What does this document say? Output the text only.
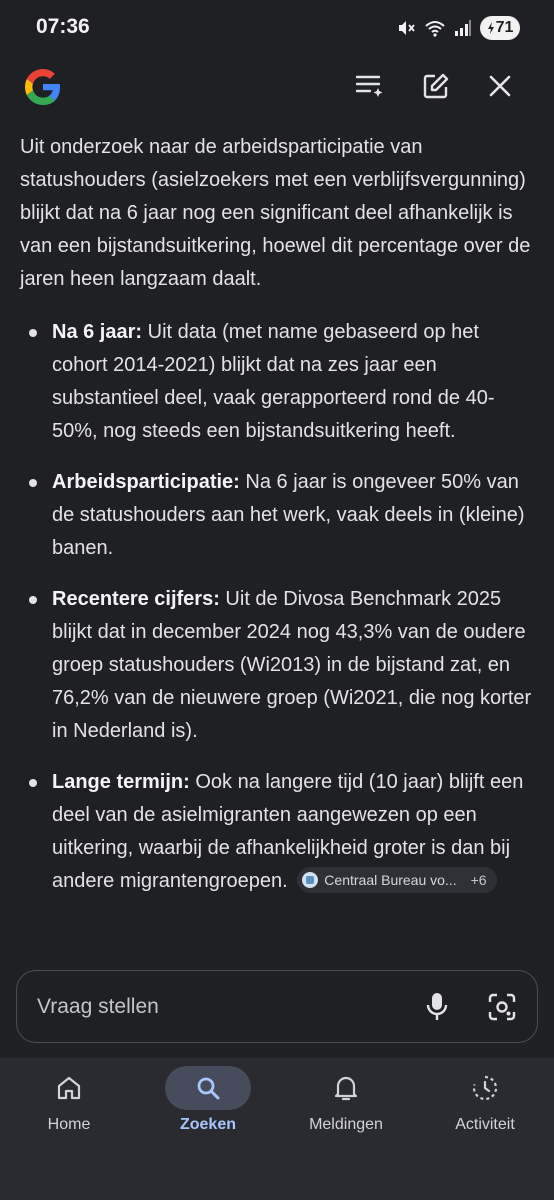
07:36	71

Uit onderzoek naar de arbeidsparticipatie van statushouders (asielzoekers met een verblijfsvergunning) blijkt dat na 6 jaar nog een significant deel afhankelijk is van een bijstandsuitkering, hoewel dit percentage over de jaren heen langzaam daalt.

Na 6 jaar: Uit data (met name gebaseerd op het cohort 2014-2021) blijkt dat na zes jaar een substantieel deel, vaak gerapporteerd rond de 40-50%, nog steeds een bijstandsuitkering heeft.
Arbeidsparticipatie: Na 6 jaar is ongeveer 50% van de statushouders aan het werk, vaak deels in (kleine) banen.
Recentere cijfers: Uit de Divosa Benchmark 2025 blijkt dat in december 2024 nog 43,3% van de oudere groep statushouders (Wi2013) in de bijstand zat, en 76,2% van de nieuwere groep (Wi2021, die nog korter in Nederland is).
Lange termijn: Ook na langere tijd (10 jaar) blijft een deel van de asielmigranten aangewezen op een uitkering, waarbij de afhankelijkheid groter is dan bij andere migrantengroepen.	Centraal Bureau vo... +6
Vraag stellen
Home	Zoeken	Meldingen	Activiteit
